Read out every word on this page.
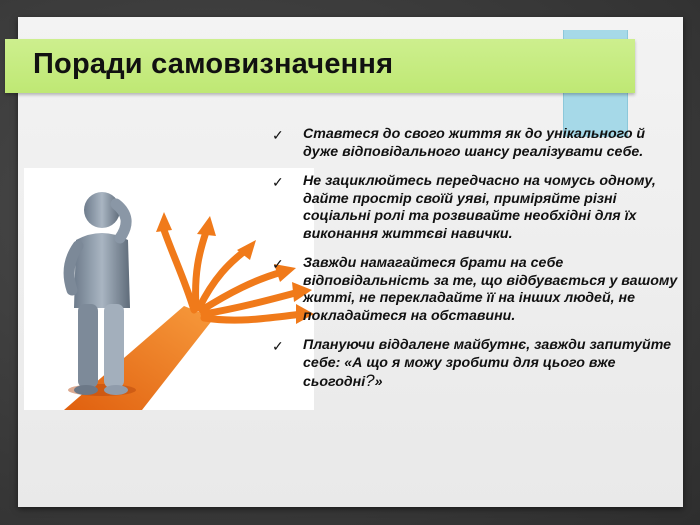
Поради самовизначення
✓ Ставтеся до свого життя як до унікального й дуже відповідального шансу реалізувати себе.
✓ Не зациклюйтесь передчасно на чомусь одному, дайте простір своїй уяві, приміряйте різні соціальні ролі та розвивайте необхідні для їх виконання життєві навички.
✓ Завжди намагайтеся брати на себе відповідальність за те, що відбувається у вашому житті, не перекладайте її на інших людей, не покладайтеся на обставини.
✓ Плануючи віддалене майбутнє, завжди запитуйте себе: «А що я можу зробити для цього вже сьогодні?»
